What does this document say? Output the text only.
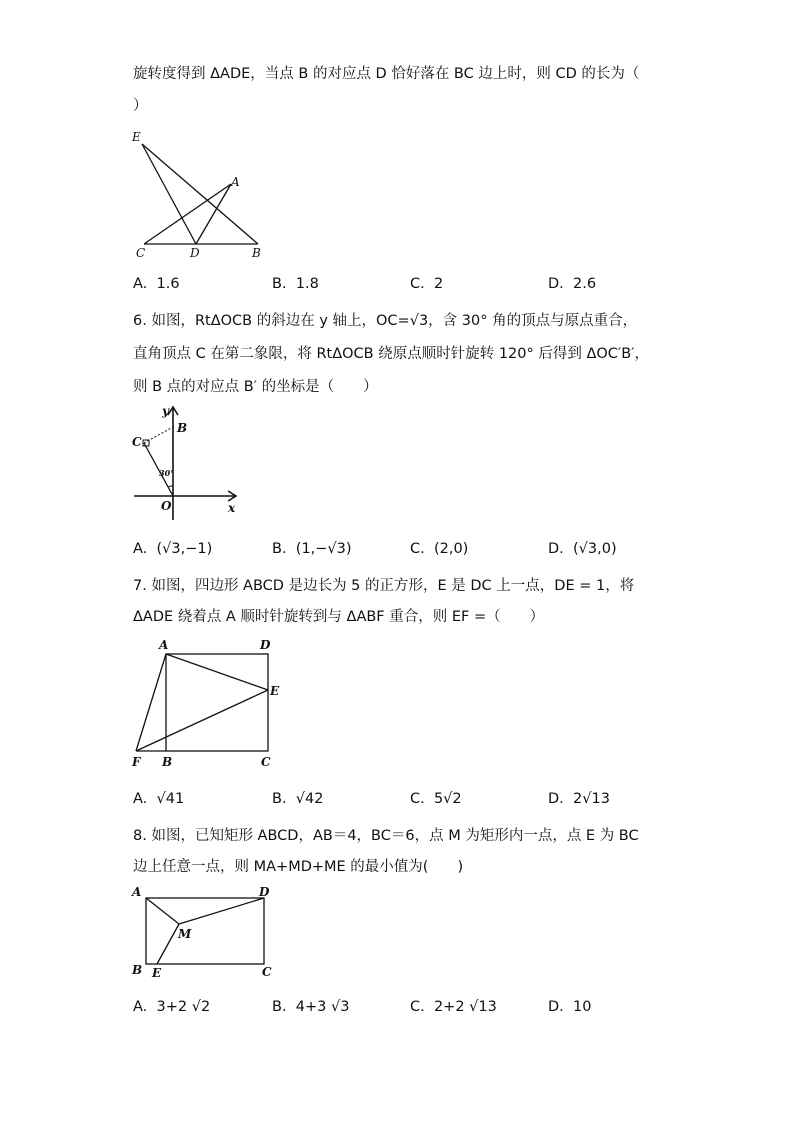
旋转度得到 ΔADE，当点 B 的对应点 D 恰好落在 BC 边上时，则 CD 的长为（
）
E
A
C	D	B
A. 1.6	B. 1.8	C. 2	D. 2.6
6. 如图，RtΔOCB 的斜边在 y 轴上，OC=√3，含 30° 角的顶点与原点重合，
直角顶点 C 在第二象限，将 RtΔOCB 绕原点顺时针旋转 120° 后得到 ΔOC′B′，
则 B 点的对应点 B′ 的坐标是（　　）
y
B
C
30°
O	x
A. (√3,−1)	B. (1,−√3)	C. (2,0)	D. (√3,0)
7. 如图，四边形 ABCD 是边长为 5 的正方形，E 是 DC 上一点，DE = 1，将
ΔADE 绕着点 A 顺时针旋转到与 ΔABF 重合，则 EF =（　　）
A	D
E
F B	C
A. √41	B. √42	C. 5√2	D. 2√13
8. 如图，已知矩形 ABCD，AB＝4，BC＝6，点 M 为矩形内一点，点 E 为 BC
边上任意一点，则 MA+MD+ME 的最小值为(　　)
A	D
M
B E	C
A. 3+2 √2	B. 4+3 √3	C. 2+2 √13	D. 10
